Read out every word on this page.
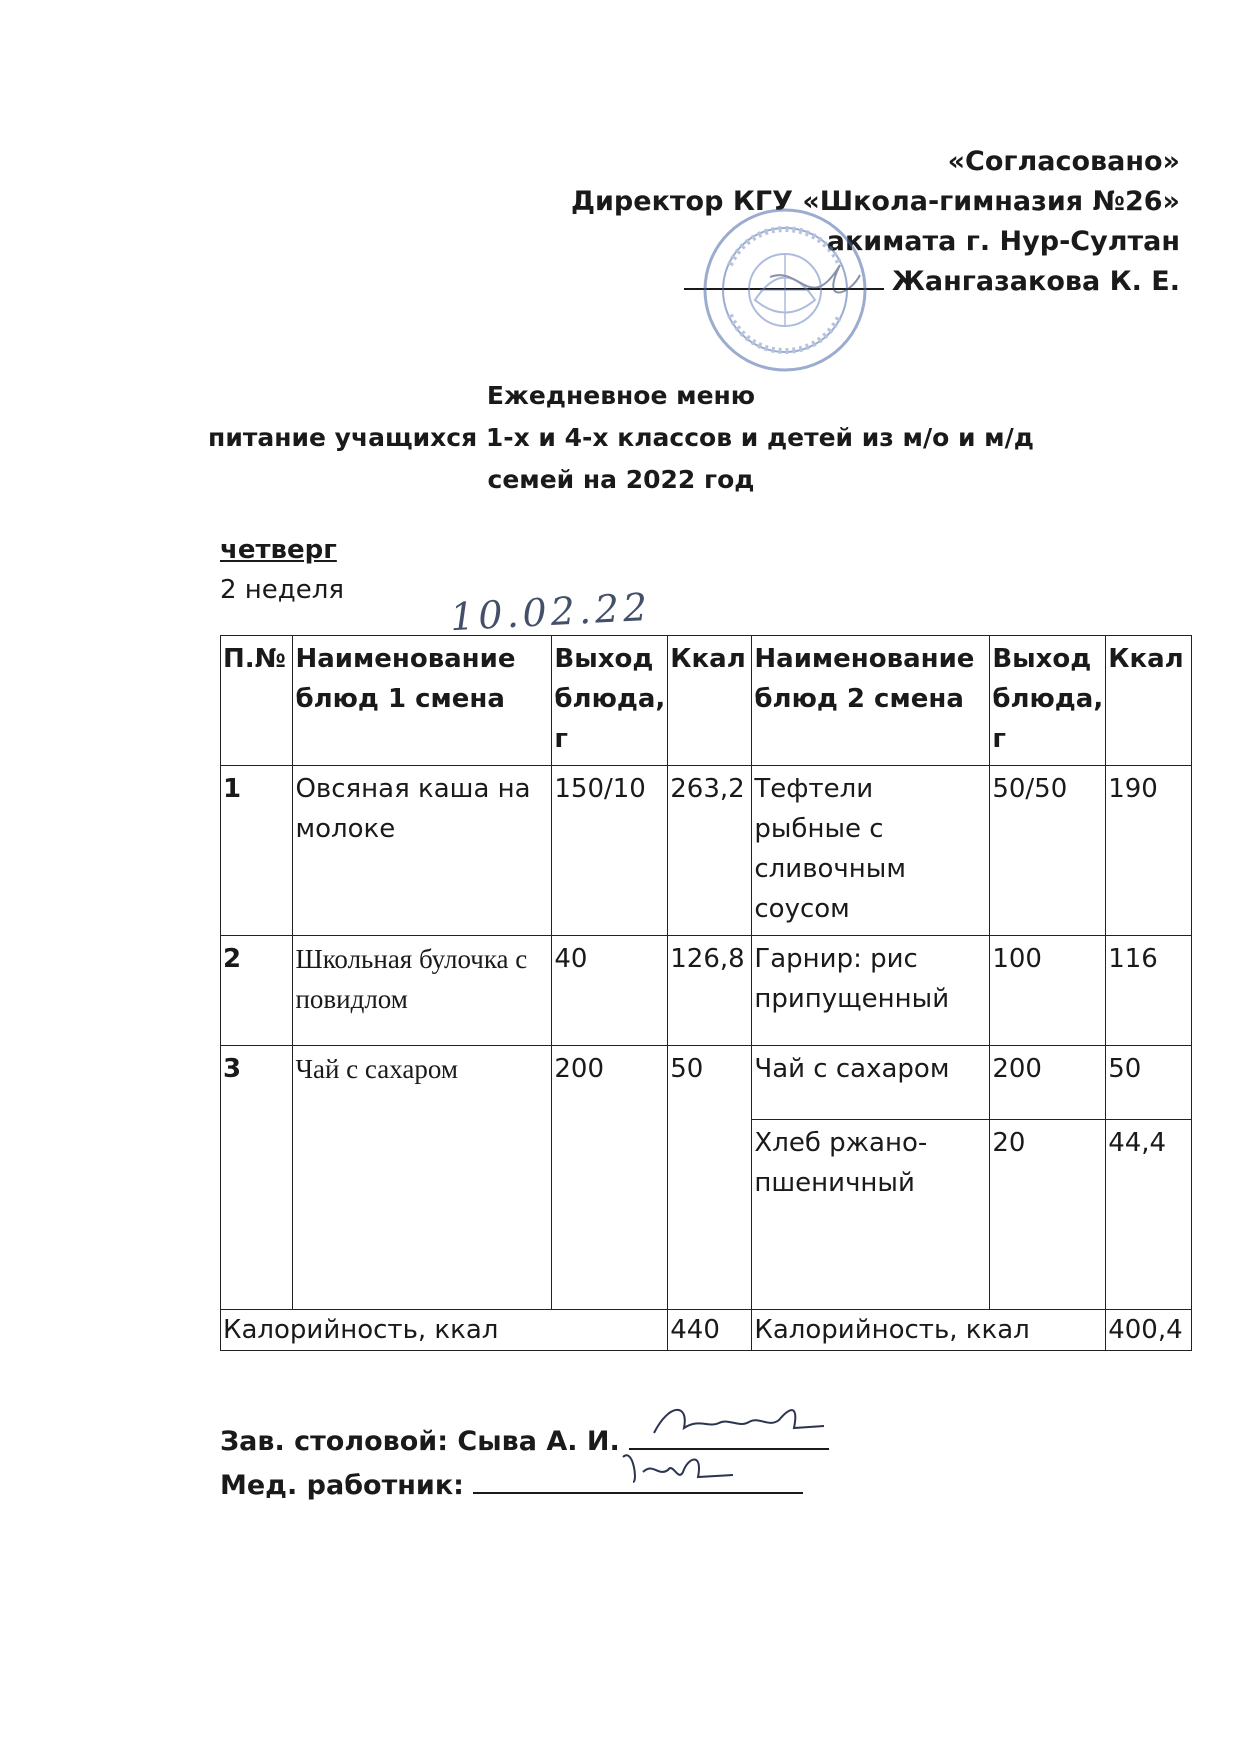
«Согласовано»
Директор КГУ «Школа-гимназия №26»
акимата г. Нур-Султан
Жангазакова К. Е.
Ежедневное меню
питание учащихся 1-х и 4-х классов и детей из м/о и м/д
семей на 2022 год
четверг
2 неделя	10.02.22
П.№	Наименование блюд 1 смена	Выход блюда, г	Ккал	Наименование блюд 2 смена	Выход блюда, г	Ккал
1	Овсяная каша на молоке	150/10	263,2	Тефтели рыбные с сливочным соусом	50/50	190
2	Школьная булочка с повидлом	40	126,8	Гарнир: рис припущенный	100	116
3	Чай с сахаром	200	50	Чай с сахаром	200	50
				Хлеб ржано-пшеничный	20	44,4
Калорийность, ккал			440	Калорийность, ккал		400,4
Зав. столовой: Сыва А. И.
Мед. работник:
